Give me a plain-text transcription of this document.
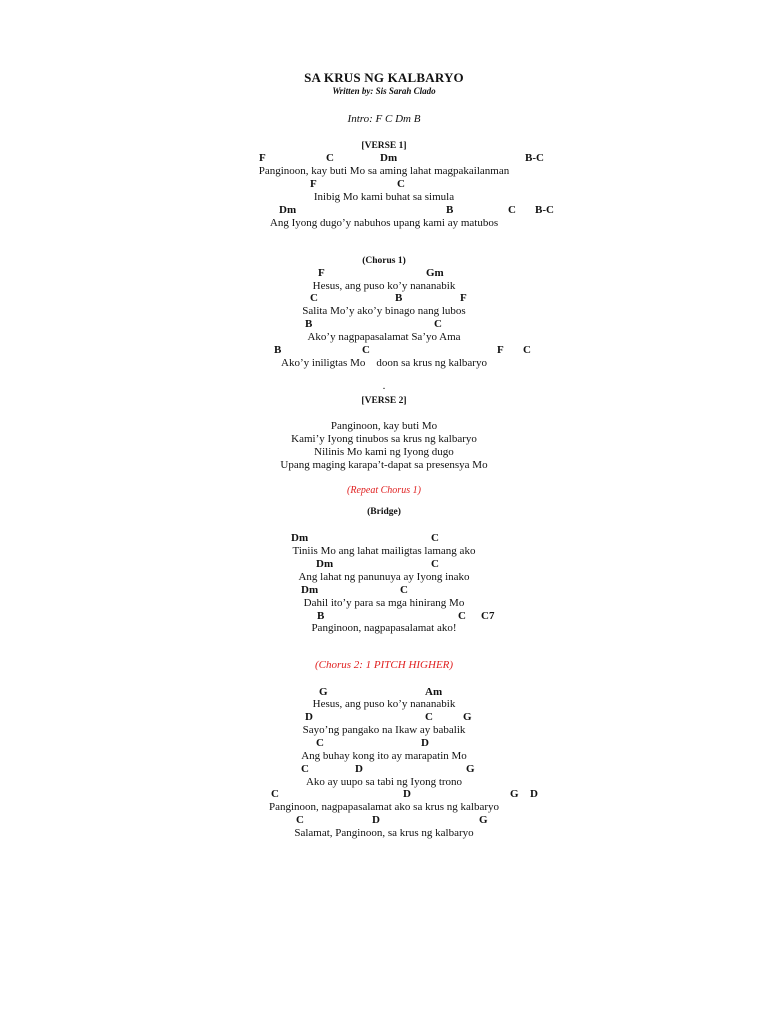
SA KRUS NG KALBARYO
Written by: Sis Sarah Clado
Intro: F C Dm B
[VERSE 1]
F	C	Dm	B-C
Panginoon, kay buti Mo sa aming lahat magpakailanman
F	C
Inibig Mo kami buhat sa simula
Dm	B	C B-C
Ang Iyong dugo’y nabuhos upang kami ay matubos
(Chorus 1)
F	Gm
Hesus, ang puso ko’y nananabik
C	B	F
Salita Mo’y ako’y binago nang lubos
B	C
Ako’y nagpapasalamat Sa’yo Ama
B	C	F C
Ako’y iniligtas Mo    doon sa krus ng kalbaryo
.
[VERSE 2]
Panginoon, kay buti Mo
Kami’y Iyong tinubos sa krus ng kalbaryo
Nilinis Mo kami ng Iyong dugo
Upang maging karapa’t-dapat sa presensya Mo
(Repeat Chorus 1)
(Bridge)
Dm	C
Tiniis Mo ang lahat mailigtas lamang ako
Dm	C
Ang lahat ng panunuya ay Iyong inako
Dm	C
Dahil ito’y para sa mga hinirang Mo
B	C C7
Panginoon, nagpapasalamat ako!
(Chorus 2: 1 PITCH HIGHER)
G	Am
Hesus, ang puso ko’y nananabik
D	C	G
Sayo’ng pangako na Ikaw ay babalik
C	D
Ang buhay kong ito ay marapatin Mo
C	D	G
Ako ay uupo sa tabi ng Iyong trono
C	D	G D
Panginoon, nagpapasalamat ako sa krus ng kalbaryo
C	D	G
Salamat, Panginoon, sa krus ng kalbaryo
